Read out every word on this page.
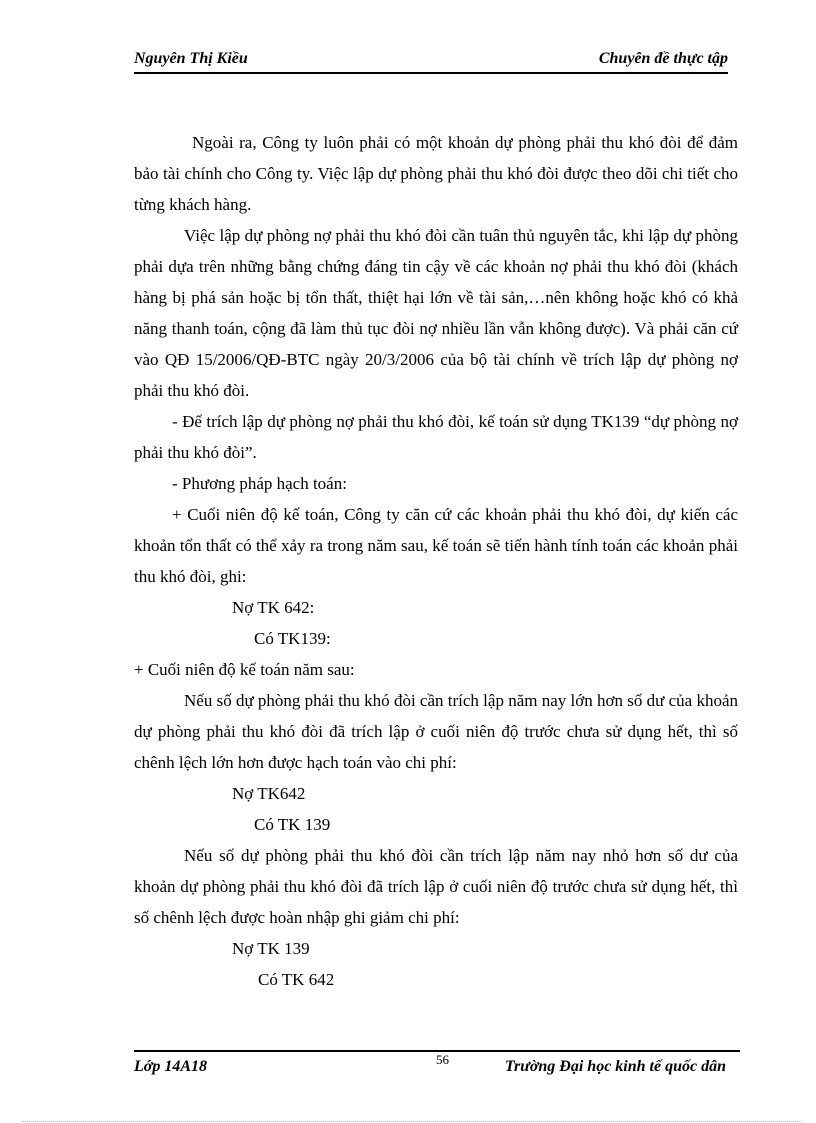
Nguyên Thị Kiều	Chuyên đề thực tập

Ngoài ra, Công ty luôn phải có một khoản dự phòng phải thu khó đòi để đảm bảo tài chính cho Công ty. Việc lập dự phòng phải thu khó đòi được theo dõi chi tiết cho từng khách hàng.

Việc lập dự phòng nợ phải thu khó đòi cần tuân thủ nguyên tắc, khi lập dự phòng phải dựa trên những bằng chứng đáng tin cậy về các khoản nợ phải thu khó đòi (khách hàng bị phá sản hoặc bị tổn thất, thiệt hại lớn về tài sản,…nên không hoặc khó có khả năng thanh toán, cộng đã làm thủ tục đòi nợ nhiều lần vẫn không được). Và phải căn cứ vào QĐ 15/2006/QĐ-BTC ngày 20/3/2006 của bộ tài chính về trích lập dự phòng nợ phải thu khó đòi.

- Để trích lập dự phòng nợ phải thu khó đòi, kế toán sử dụng TK139 “dự phòng nợ phải thu khó đòi”.

- Phương pháp hạch toán:

+ Cuối niên độ kế toán, Công ty căn cứ các khoản phải thu khó đòi, dự kiến các khoản tổn thất có thể xảy ra trong năm sau, kế toán sẽ tiến hành tính toán các khoản phải thu khó đòi, ghi:

Nợ TK 642:

Có TK139:

+ Cuối niên độ kế toán năm sau:

Nếu số dự phòng phải thu khó đòi cần trích lập năm nay lớn hơn số dư của khoản dự phòng phải thu khó đòi đã trích lập ở cuối niên độ trước chưa sử dụng hết, thì số chênh lệch lớn hơn được hạch toán vào chi phí:

Nợ TK642

Có TK 139

Nếu số dự phòng phải thu khó đòi cần trích lập năm nay nhỏ hơn số dư của khoản dự phòng phải thu khó đòi đã trích lập ở cuối niên độ trước chưa sử dụng hết, thì số chênh lệch được hoàn nhập ghi giảm chi phí:

Nợ TK 139

Có TK 642

Lớp 14A18	56	Trường Đại học kinh tế quốc dân
